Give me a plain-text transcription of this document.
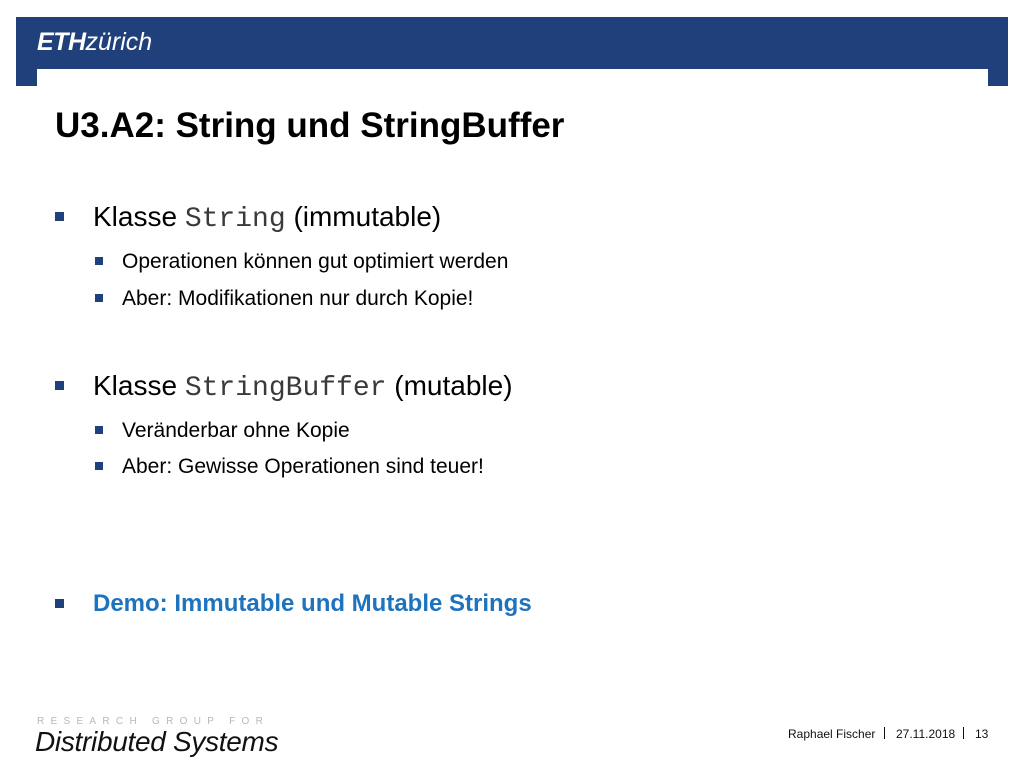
ETHzürich
U3.A2: String und StringBuffer
Klasse String (immutable)
Operationen können gut optimiert werden
Aber: Modifikationen nur durch Kopie!
Klasse StringBuffer (mutable)
Veränderbar ohne Kopie
Aber: Gewisse Operationen sind teuer!
Demo: Immutable und Mutable Strings
RESEARCH GROUP FOR
Distributed Systems	Raphael Fischer 27.11.2018 13
